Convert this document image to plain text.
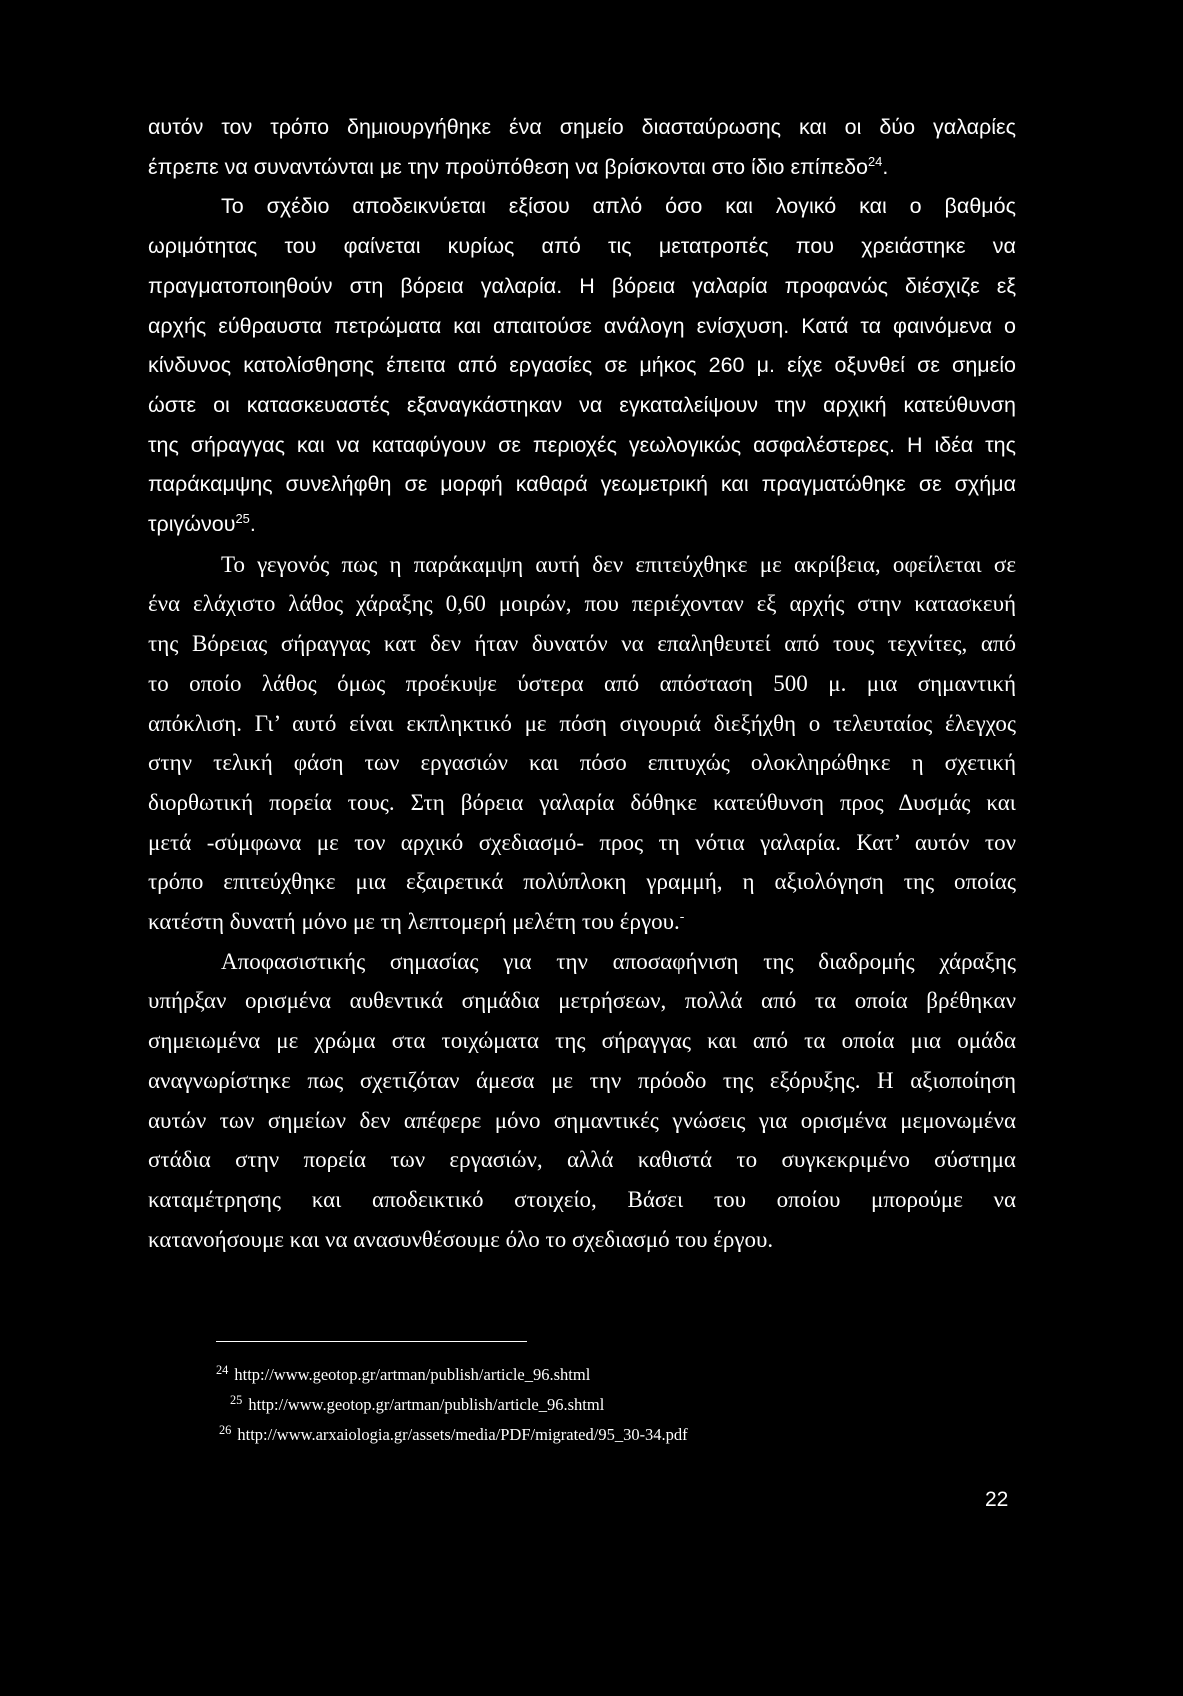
αυτόν τον τρόπο δημιουργήθηκε ένα σημείο διασταύρωσης και οι δύο γαλαρίες
έπρεπε να συναντώνται με την προϋπόθεση να βρίσκονται στο ίδιο επίπεδο$^{24}$.
Το σχέδιο αποδεικνύεται εξίσου απλό όσο και λογικό και ο βαθμός
ωριμότητας του φαίνεται κυρίως από τις μετατροπές που χρειάστηκε να
πραγματοποιηθούν στη βόρεια γαλαρία. Η βόρεια γαλαρία προφανώς διέσχιζε εξ
αρχής εύθραυστα πετρώματα και απαιτούσε ανάλογη ενίσχυση. Κατά τα φαινόμενα ο
κίνδυνος κατολίσθησης έπειτα από εργασίες σε μήκος 260 μ. είχε οξυνθεί σε σημείο
ώστε οι κατασκευαστές εξαναγκάστηκαν να εγκαταλείψουν την αρχική κατεύθυνση
της σήραγγας και να καταφύγουν σε περιοχές γεωλογικώς ασφαλέστερες. Η ιδέα της
παράκαμψης συνελήφθη σε μορφή καθαρά γεωμετρική και πραγματώθηκε σε σχήμα
τριγώνου$^{25}$.
Το γεγονός πως η παράκαμψη αυτή δεν επιτεύχθηκε με ακρίβεια, οφείλεται σε
ένα ελάχιστο λάθος χάραξης 0,60 μοιρών, που περιέχονταν εξ αρχής στην κατασκευή
της Βόρειας σήραγγας κατ δεν ήταν δυνατόν να επαληθευτεί από τους τεχνίτες, από
το οποίο λάθος όμως προέκυψε ύστερα από απόσταση 500 μ. μια σημαντική
απόκλιση. Γι’ αυτό είναι εκπληκτικό με πόση σιγουριά διεξήχθη ο τελευταίος έλεγχος
στην τελική φάση των εργασιών και πόσο επιτυχώς ολοκληρώθηκε η σχετική
διορθωτική πορεία τους. Στη βόρεια γαλαρία δόθηκε κατεύθυνση προς Δυσμάς και
μετά -σύμφωνα με τον αρχικό σχεδιασμό- προς τη νότια γαλαρία. Κατ’ αυτόν τον
τρόπο επιτεύχθηκε μια εξαιρετικά πολύπλοκη γραμμή, η αξιολόγηση της οποίας
κατέστη δυνατή μόνο με τη λεπτομερή μελέτη του έργου.-
Αποφασιστικής σημασίας για την αποσαφήνιση της διαδρομής χάραξης
υπήρξαν ορισμένα αυθεντικά σημάδια μετρήσεων, πολλά από τα οποία βρέθηκαν
σημειωμένα με χρώμα στα τοιχώματα της σήραγγας και από τα οποία μια ομάδα
αναγνωρίστηκε πως σχετιζόταν άμεσα με την πρόοδο της εξόρυξης. Η αξιοποίηση
αυτών των σημείων δεν απέφερε μόνο σημαντικές γνώσεις για ορισμένα μεμονωμένα
στάδια στην πορεία των εργασιών, αλλά καθιστά το συγκεκριμένο σύστημα
καταμέτρησης και αποδεικτικό στοιχείο, Βάσει του οποίου μπορούμε να
κατανοήσουμε και να ανασυνθέσουμε όλο το σχεδιασμό του έργου.
$^{24}$ http://www.geotop.gr/artman/publish/article_96.shtml
$^{25}$ http://www.geotop.gr/artman/publish/article_96.shtml
$^{26}$ http://www.arxaiologia.gr/assets/media/PDF/migrated/95_30-34.pdf
22
